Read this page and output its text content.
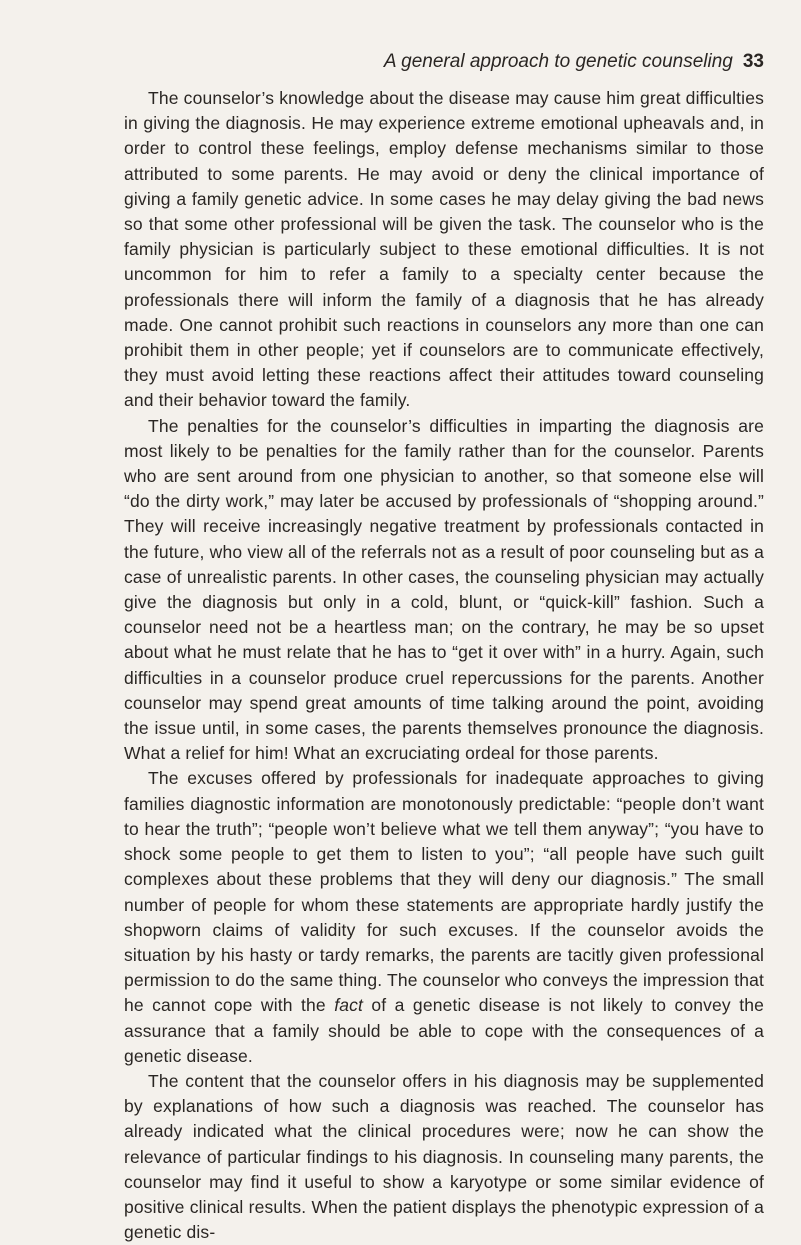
A general approach to genetic counseling 33

The counselor’s knowledge about the disease may cause him great difficulties in giving the diagnosis. He may experience extreme emotional upheavals and, in order to control these feelings, employ defense mechanisms similar to those attributed to some parents. He may avoid or deny the clinical importance of giving a family genetic advice. In some cases he may delay giving the bad news so that some other professional will be given the task. The counselor who is the family physician is particularly subject to these emotional difficulties. It is not uncommon for him to refer a family to a specialty center because the professionals there will inform the family of a diagnosis that he has already made. One cannot prohibit such reactions in counselors any more than one can prohibit them in other people; yet if counselors are to communicate effectively, they must avoid letting these reactions affect their attitudes toward counseling and their behavior toward the family.

The penalties for the counselor’s difficulties in imparting the diagnosis are most likely to be penalties for the family rather than for the counselor. Parents who are sent around from one physician to another, so that someone else will “do the dirty work,” may later be accused by professionals of “shopping around.” They will receive increasingly negative treatment by professionals contacted in the future, who view all of the referrals not as a result of poor counseling but as a case of unrealistic parents. In other cases, the counseling physician may actually give the diagnosis but only in a cold, blunt, or “quick-kill” fashion. Such a counselor need not be a heartless man; on the contrary, he may be so upset about what he must relate that he has to “get it over with” in a hurry. Again, such difficulties in a counselor produce cruel repercussions for the parents. Another counselor may spend great amounts of time talking around the point, avoiding the issue until, in some cases, the parents themselves pronounce the diagnosis. What a relief for him! What an excruciating ordeal for those parents.

The excuses offered by professionals for inadequate approaches to giving families diagnostic information are monotonously predictable: “people don’t want to hear the truth”; “people won’t believe what we tell them anyway”; “you have to shock some people to get them to listen to you”; “all people have such guilt complexes about these problems that they will deny our diagnosis.” The small number of people for whom these statements are appropriate hardly justify the shopworn claims of validity for such excuses. If the counselor avoids the situation by his hasty or tardy remarks, the parents are tacitly given professional permission to do the same thing. The counselor who conveys the impression that he cannot cope with the fact of a genetic disease is not likely to convey the assurance that a family should be able to cope with the consequences of a genetic disease.

The content that the counselor offers in his diagnosis may be supplemented by explanations of how such a diagnosis was reached. The counselor has already indicated what the clinical procedures were; now he can show the relevance of particular findings to his diagnosis. In counseling many parents, the counselor may find it useful to show a karyotype or some similar evidence of positive clinical results. When the patient displays the phenotypic expression of a genetic dis-
